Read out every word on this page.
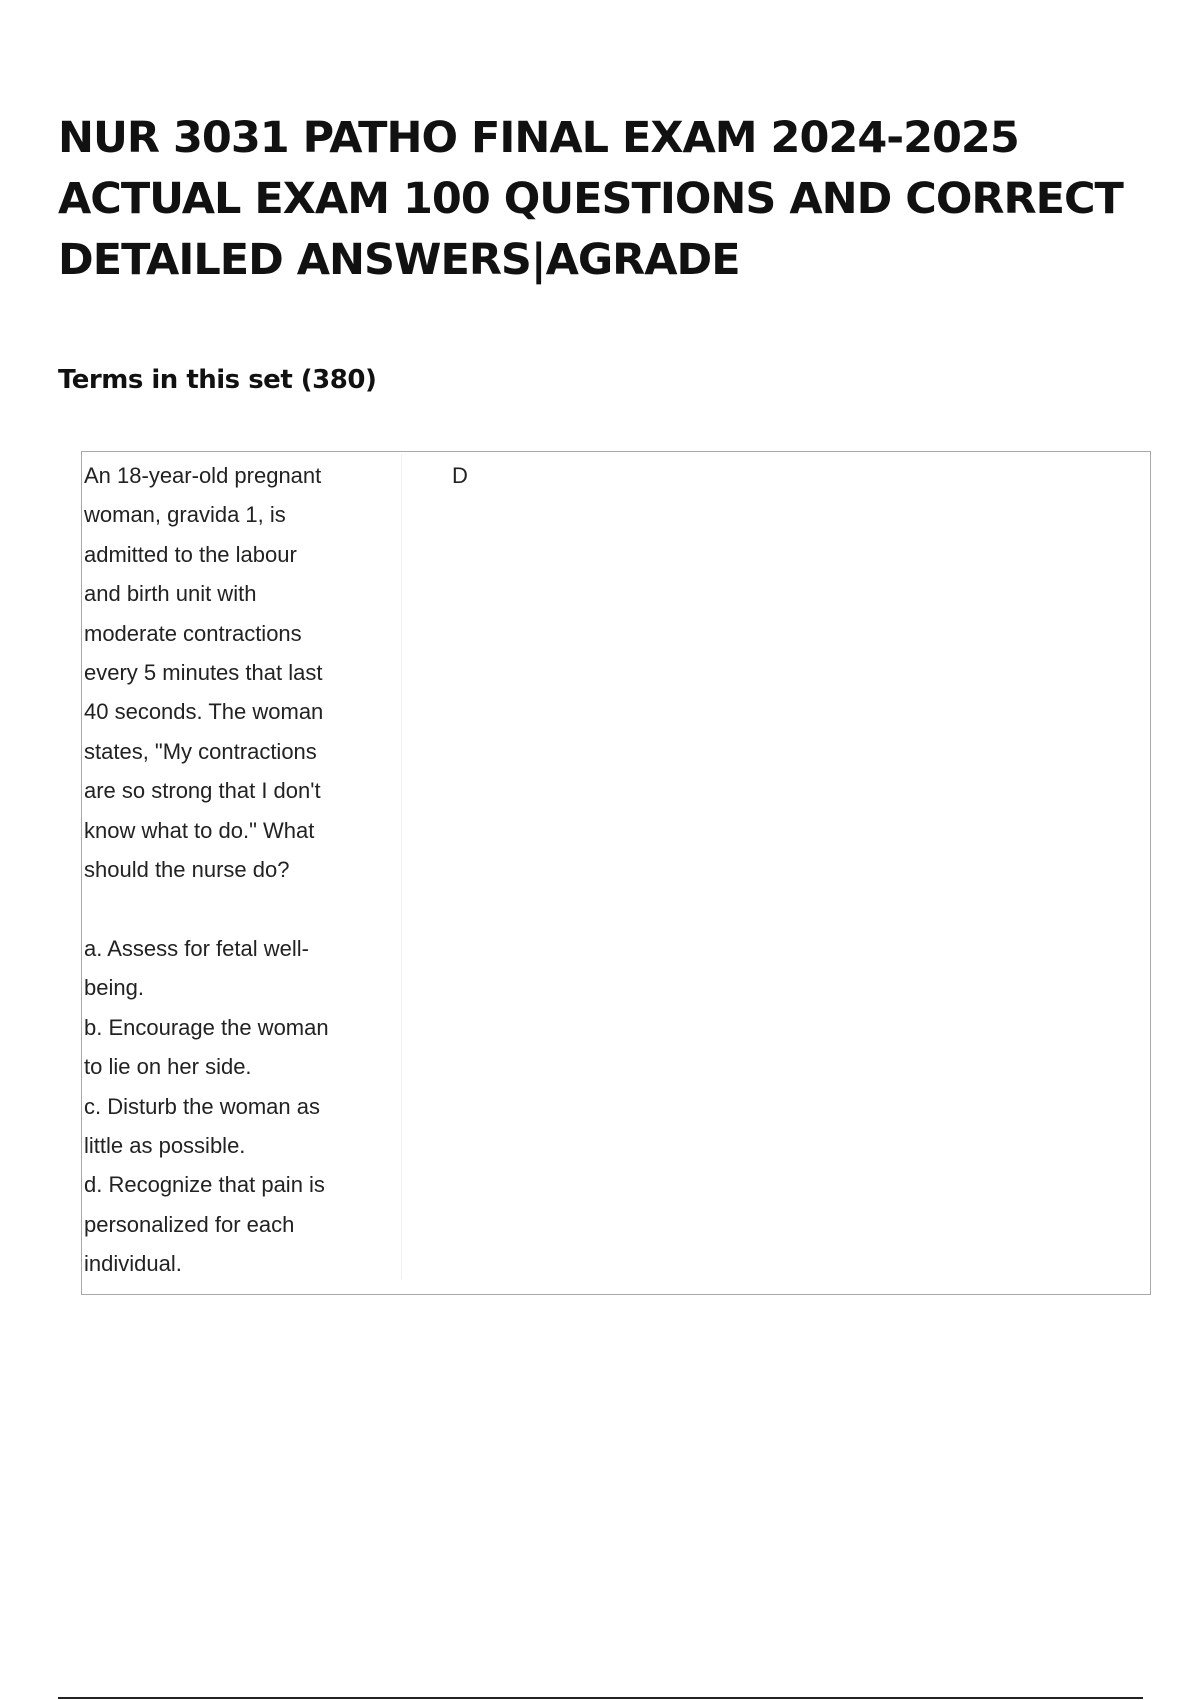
NUR 3031 PATHO FINAL EXAM 2024-2025 ACTUAL EXAM 100 QUESTIONS AND CORRECT DETAILED ANSWERS|AGRADE
Terms in this set (380)
An 18-year-old pregnant
woman, gravida 1, is
admitted to the labour
and birth unit with
moderate contractions
every 5 minutes that last
40 seconds. The woman
states, "My contractions
are so strong that I don't
know what to do." What
should the nurse do?

a. Assess for fetal well-
being.
b. Encourage the woman
to lie on her side.
c. Disturb the woman as
little as possible.
d. Recognize that pain is
personalized for each
individual.
D
